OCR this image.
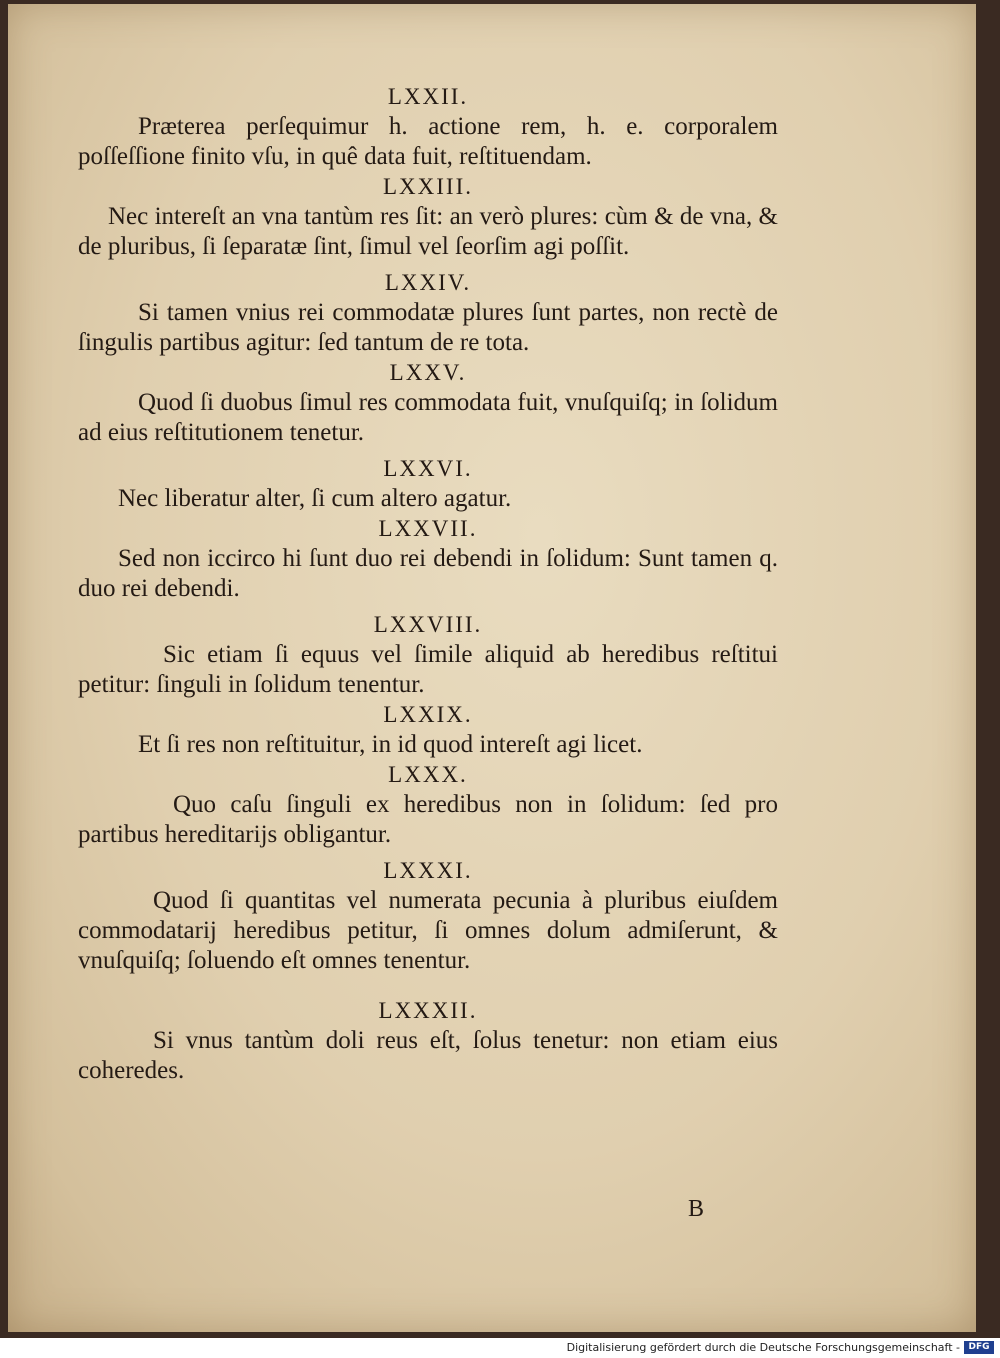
LXXII.

Præterea perſequimur h. actione rem, h. e. corporalem poſſeſſione finito vſu, in quê data fuit, reſtituendam.

LXXIII.

Nec intereſt an vna tantùm res ſit: an verò plures: cùm & de vna, & de pluribus, ſi ſeparatæ ſint, ſimul vel ſeorſim agi poſſit.

LXXIV.

Si tamen vnius rei commodatæ plures ſunt partes, non rectè de ſingulis partibus agitur: ſed tantum de re tota.

LXXV.

Quod ſi duobus ſimul res commodata fuit, vnuſquiſq; in ſolidum ad eius reſtitutionem tenetur.

LXXVI.

Nec liberatur alter, ſi cum altero agatur.

LXXVII.

Sed non iccirco hi ſunt duo rei debendi in ſolidum: Sunt tamen q. duo rei debendi.

LXXVIII.

Sic etiam ſi equus vel ſimile aliquid ab heredibus reſtitui petitur: ſinguli in ſolidum tenentur.

LXXIX.

Et ſi res non reſtituitur, in id quod intereſt agi licet.

LXXX.

Quo caſu ſinguli ex heredibus non in ſolidum: ſed pro partibus hereditarijs obligantur.

LXXXI.

Quod ſi quantitas vel numerata pecunia à pluribus eiuſdem commodatarij heredibus petitur, ſi omnes dolum admiſerunt, & vnuſquiſq; ſoluendo eſt omnes tenentur.

LXXXII.

Si vnus tantùm doli reus eſt, ſolus tenetur: non etiam eius coheredes.

B
Digitalisierung gefördert durch die Deutsche Forschungsgemeinschaft - DFG
